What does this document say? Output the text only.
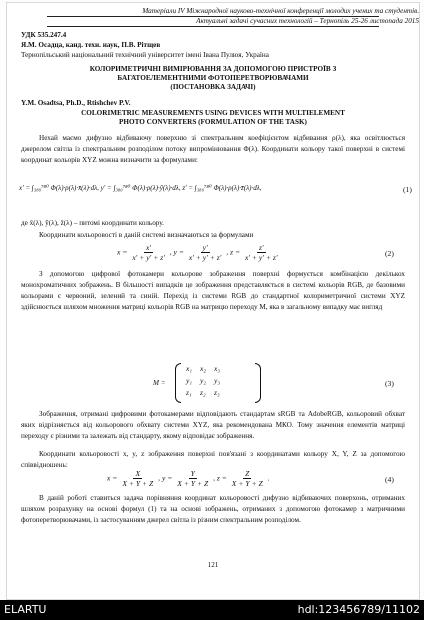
Матеріали ІV Міжнародної науково-технічної конференції молодих учених та студентів.
Актуальні задачі сучасних технологій – Тернопіль 25-26 листопада 2015
УДК 535.247.4
Я.М. Осадца, канд. техн. наук, П.В. Рітщев
Тернопільський національний технічний університет імені Івана Пулюя, Україна
КОЛОРИМЕТРИЧНІ ВИМІРЮВАННЯ ЗА ДОПОМОГОЮ ПРИСТРОЇВ З
БАГАТОЕЛЕМЕНТНИМИ ФОТОПЕРЕТВОРЮВАЧАМИ
(ПОСТАНОВКА ЗАДАЧІ)
Y.M. Osadtsa, Ph.D., Rtishchev P.V.
COLORIMETRIC MEASUREMENTS USING DEVICES WITH MULTIELEMENT
PHOTO CONVERTERS (FORMULATION OF THE TASK)
Нехай маємо дифузно відбиваючу поверхню зі спектральним коефіцієнтом відбивання ρ(λ), яка освітлюється джерелом світла із спектральним розподілом потоку випромінювання Φ(λ). Координати кольору такої поверхні в системі координат кольорів XYZ можна визначити за формулами:
x′ = ∫₃₈₀⁷⁸⁰ Φ(λ)·ρ(λ)·x̄(λ)·dλ, y′ = ∫₃₈₀⁷⁸⁰ Φ(λ)·ρ(λ)·ȳ(λ)·dλ, z′ = ∫₃₈₀⁷⁸⁰ Φ(λ)·ρ(λ)·z̄(λ)·dλ,	(1)
де x̄(λ), ȳ(λ), z̄(λ) – питомі координати кольору.
Координати кольоровості в даній системі визначаються за формулами
$x = \frac{x'}{x' + y' + z'}$ , $y = \frac{y'}{x' + y' + z'}$ , $z = \frac{z'}{x' + y' + z'}$	(2)
З допомогою цифрової фотокамери кольорове зображення поверхні формується комбінацією декількох монохроматичних зображень. В більшості випадків це зображення представляється в системі кольорів RGB, де базовими кольорами є червоний, зелений та синій. Перехід із системи RGB до стандартної колориметричної системи XYZ здійснюється шляхом множення матриці кольорів RGB на матрицю переходу M, яка в загальному випадку має вигляд
M =
x₁	x₂	x₃
y₁	y₂	y₃
z₁	z₂	z₃
(3)
Зображення, отримані цифровими фотокамерами відповідають стандартам sRGB та AdobeRGB, кольоровий обхват яких відрізняється від кольорового обхвату системи XYZ, яка рекомендована МКО. Тому значення елементів матриці переходу є різними та залежать від стандарту, якому відповідає зображення.
Координати кольоровості x, y, z зображення поверхні пов'язані з координатами кольору X, Y, Z за допомогою співвідношень:
$x = \frac{X}{X + Y + Z}$ , $y = \frac{Y}{X + Y + Z}$ , $z = \frac{Z}{X + Y + Z}$ .	(4)
В даній роботі ставиться задача порівняння координат кольоровості дифузно відбиваючих поверхонь, отриманих шляхом розрахунку на основі формул (1) та на основі зображень, отриманих з допомогою фотокамер з матричними фотоперетворювачами, із застосуванням джерел світла із різним спектральним розподілом.
121
ELARTU	hdl:123456789/11102
